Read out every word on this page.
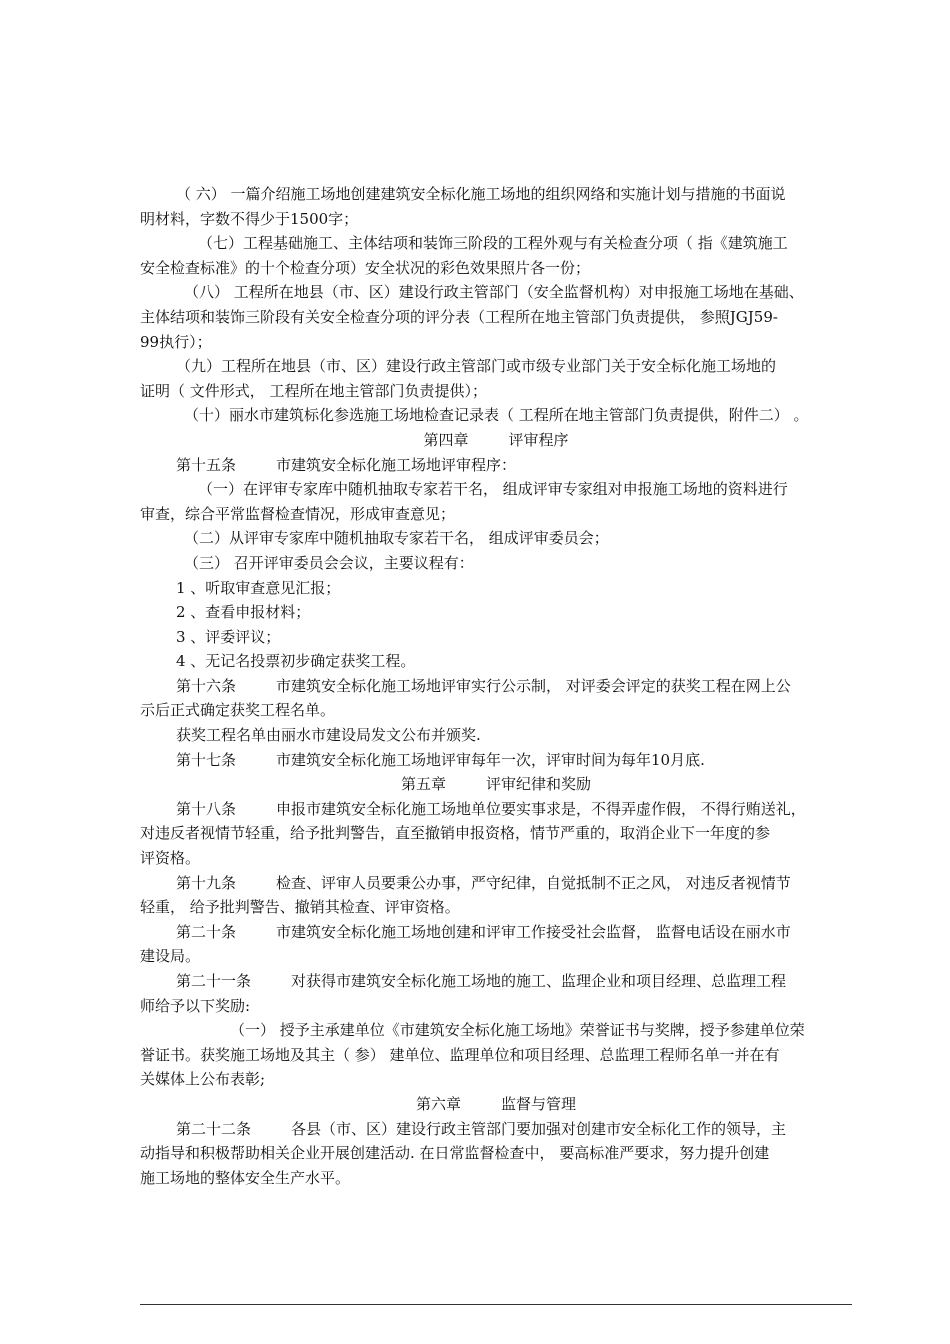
（ 六） 一篇介绍施工场地创建建筑安全标化施工场地的组织网络和实施计划与措施的书面说
明材料，字数不得少于1500字；
（七）工程基础施工、主体结项和装饰三阶段的工程外观与有关检查分项（ 指《建筑施工
安全检查标准》的十个检查分项）安全状况的彩色效果照片各一份；
（八） 工程所在地县（市、区）建设行政主管部门（安全监督机构）对申报施工场地在基础、
主体结项和装饰三阶段有关安全检查分项的评分表（工程所在地主管部门负责提供， 参照JGJ59-
99执行）；
（九）工程所在地县（市、区）建设行政主管部门或市级专业部门关于安全标化施工场地的
证明（ 文件形式， 工程所在地主管部门负责提供）；
（十）丽水市建筑标化参选施工场地检查记录表（ 工程所在地主管部门负责提供，附件二） 。
第四章	评审程序
第十五条	市建筑安全标化施工场地评审程序：
（一）在评审专家库中随机抽取专家若干名， 组成评审专家组对申报施工场地的资料进行
审查，综合平常监督检查情况，形成审查意见；
（二）从评审专家库中随机抽取专家若干名， 组成评审委员会；
（三） 召开评审委员会会议，主要议程有：
1 、听取审查意见汇报；
2 、查看申报材料；
3 、评委评议；
4 、无记名投票初步确定获奖工程。
第十六条	市建筑安全标化施工场地评审实行公示制， 对评委会评定的获奖工程在网上公
示后正式确定获奖工程名单。
获奖工程名单由丽水市建设局发文公布并颁奖.
第十七条	市建筑安全标化施工场地评审每年一次，评审时间为每年10月底.
第五章	评审纪律和奖励
第十八条	申报市建筑安全标化施工场地单位要实事求是，不得弄虚作假， 不得行贿送礼，
对违反者视情节轻重，给予批判警告，直至撤销申报资格，情节严重的，取消企业下一年度的参
评资格。
第十九条	检查、评审人员要秉公办事，严守纪律，自觉抵制不正之风， 对违反者视情节
轻重， 给予批判警告、撤销其检查、评审资格。
第二十条	市建筑安全标化施工场地创建和评审工作接受社会监督， 监督电话设在丽水市
建设局。
第二十一条	对获得市建筑安全标化施工场地的施工、监理企业和项目经理、总监理工程
师给予以下奖励:
（一） 授予主承建单位《市建筑安全标化施工场地》荣誉证书与奖牌，授予参建单位荣
誉证书。获奖施工场地及其主（ 参） 建单位、监理单位和项目经理、总监理工程师名单一并在有
关媒体上公布表彰;
第六章	监督与管理
第二十二条	各县（市、区）建设行政主管部门要加强对创建市安全标化工作的领导，主
动指导和积极帮助相关企业开展创建活动. 在日常监督检查中， 要高标准严要求，努力提升创建
施工场地的整体安全生产水平。
